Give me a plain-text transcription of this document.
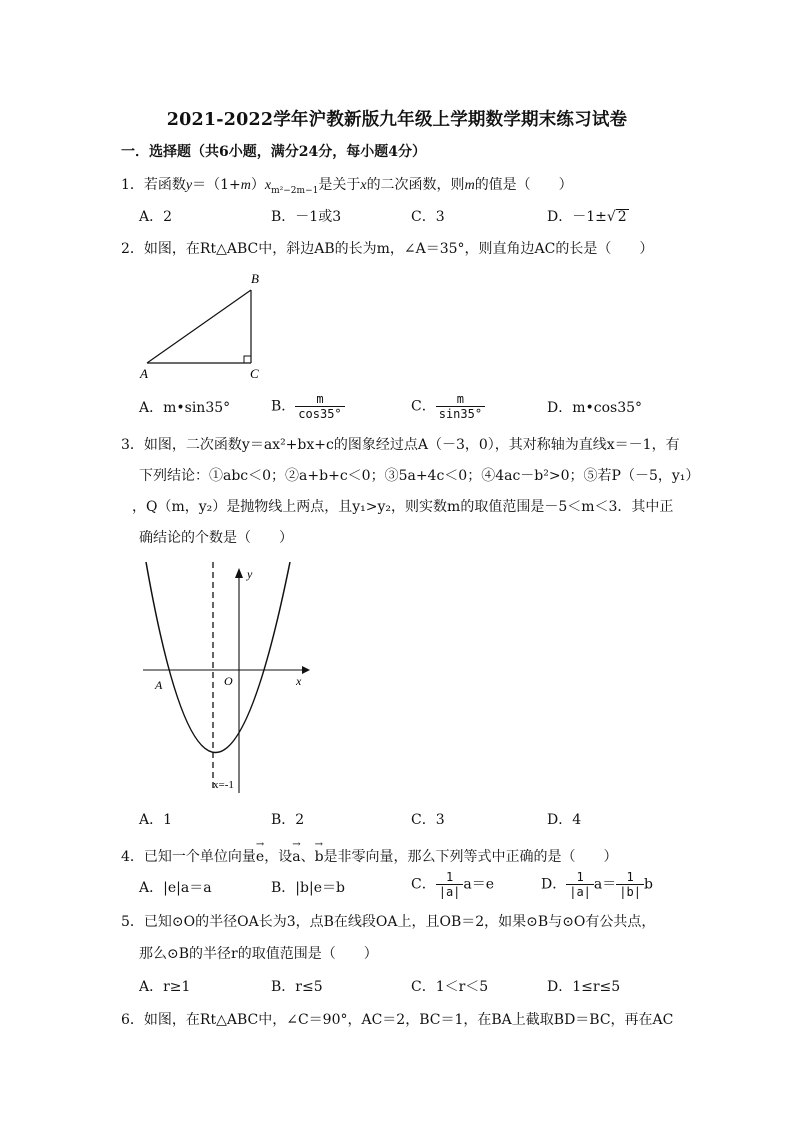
2021-2022学年沪教新版九年级上学期数学期末练习试卷
一．选择题（共6小题，满分24分，每小题4分）
1．若函数$y=(1+m)x_{m^2-2m-1}$是关于x的二次函数，则m的值是（　　）
A．2	B．－1或3	C．3	D．－1±√ 2
2．如图，在Rt△ABC中，斜边AB的长为m，∠A＝35°，则直角边AC的长是（　　）
A
B
C
A．m•sin35°	B． $\frac{m}{\cos 35^\circ}$	C． $\frac{m}{\sin 35^\circ}$	D．m•cos35°
3．如图，二次函数y＝ax²+bx+c的图象经过点A（－3，0），其对称轴为直线x＝－1，有
下列结论：①abc＜0；②a+b+c＜0；③5a+4c＜0；④4ac－b²>0；⑤若P（－5，y₁）
，Q（m，y₂）是抛物线上两点，且y₁>y₂，则实数m的取值范围是－5＜m＜3．其中正
确结论的个数是（　　）
y
x
O
A
x=-1
A．1	B．2	C．3	D．4
4．已知一个单位向量→ e，设→ a、→ b是非零向量，那么下列等式中正确的是（　　）
A．|e|a＝a	B．|b|e＝b	C． $\frac{1}{|a|} a=e$	D． $\frac{1}{|a|} a= \frac{1}{|b|}$ b
5．已知⊙O的半径OA长为3，点B在线段OA上，且OB＝2，如果⊙B与⊙O有公共点，
那么⊙B的半径r的取值范围是（　　）
A．r≥1	B．r≤5	C．1＜r＜5	D．1≤r≤5
6．如图，在Rt△ABC中，∠C＝90°，AC＝2，BC＝1，在BA上截取BD＝BC，再在AC
